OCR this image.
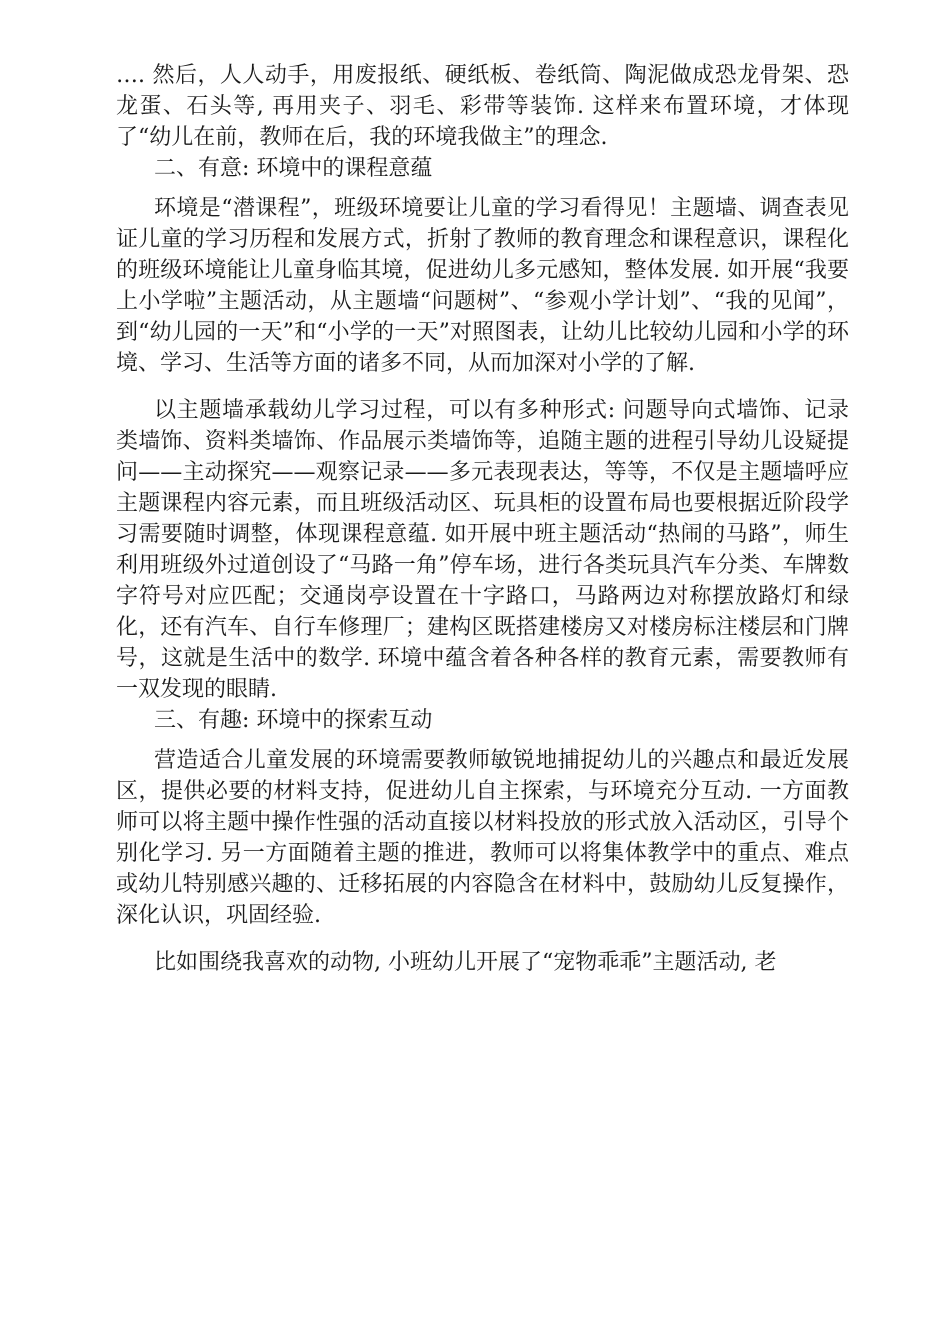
…. 然后，人人动手，用废报纸、硬纸板、卷纸筒、陶泥做成恐龙骨架、恐龙蛋、石头等, 再用夹子、羽毛、彩带等装饰. 这样来布置环境，才体现了“幼儿在前，教师在后，我的环境我做主”的理念.

二、有意: 环境中的课程意蕴

环境是“潜课程”，班级环境要让儿童的学习看得见！主题墙、调查表见证儿童的学习历程和发展方式，折射了教师的教育理念和课程意识，课程化的班级环境能让儿童身临其境，促进幼儿多元感知，整体发展. 如开展“我要上小学啦”主题活动，从主题墙“问题树”、“参观小学计划”、“我的见闻”，到“幼儿园的一天”和“小学的一天”对照图表，让幼儿比较幼儿园和小学的环境、学习、生活等方面的诸多不同，从而加深对小学的了解.

以主题墙承载幼儿学习过程，可以有多种形式: 问题导向式墙饰、记录类墙饰、资料类墙饰、作品展示类墙饰等，追随主题的进程引导幼儿设疑提问——主动探究——观察记录——多元表现表达，等等，不仅是主题墙呼应主题课程内容元素，而且班级活动区、玩具柜的设置布局也要根据近阶段学习需要随时调整，体现课程意蕴. 如开展中班主题活动“热闹的马路”，师生利用班级外过道创设了“马路一角”停车场，进行各类玩具汽车分类、车牌数字符号对应匹配；交通岗亭设置在十字路口，马路两边对称摆放路灯和绿化，还有汽车、自行车修理厂；建构区既搭建楼房又对楼房标注楼层和门牌号，这就是生活中的数学. 环境中蕴含着各种各样的教育元素，需要教师有一双发现的眼睛.

三、有趣: 环境中的探索互动

营造适合儿童发展的环境需要教师敏锐地捕捉幼儿的兴趣点和最近发展区，提供必要的材料支持，促进幼儿自主探索，与环境充分互动. 一方面教师可以将主题中操作性强的活动直接以材料投放的形式放入活动区，引导个别化学习. 另一方面随着主题的推进，教师可以将集体教学中的重点、难点或幼儿特别感兴趣的、迁移拓展的内容隐含在材料中，鼓励幼儿反复操作，深化认识，巩固经验.

比如围绕我喜欢的动物, 小班幼儿开展了“宠物乖乖”主题活动, 老
